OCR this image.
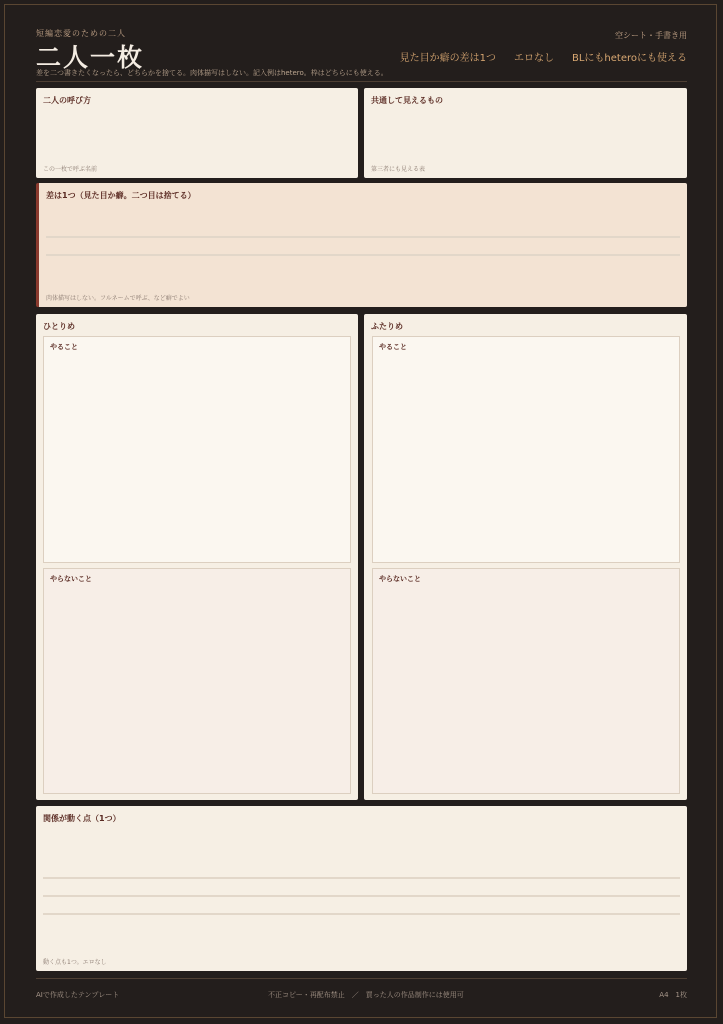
短編恋愛のための二人
二人一枚
差を二つ書きたくなったら、どちらかを捨てる。肉体描写はしない。記入例はhetero。枠はどちらにも使える。
空シート・手書き用
見た目か癖の差は1つ エロなし BLにもheteroにも使える
二人の呼び方
この一枚で呼ぶ名前
共通して見えるもの
第三者にも見える表
差は1つ（見た目か癖。二つ目は捨てる）
肉体描写はしない。フルネームで呼ぶ、など癖でよい
ひとりめ
やること
やらないこと
ふたりめ
やること
やらないこと
関係が動く点（1つ）
動く点も1つ。エロなし
AIで作成したテンプレート	不正コピー・再配布禁止　／　買った人の作品制作には使用可	A4　1枚
